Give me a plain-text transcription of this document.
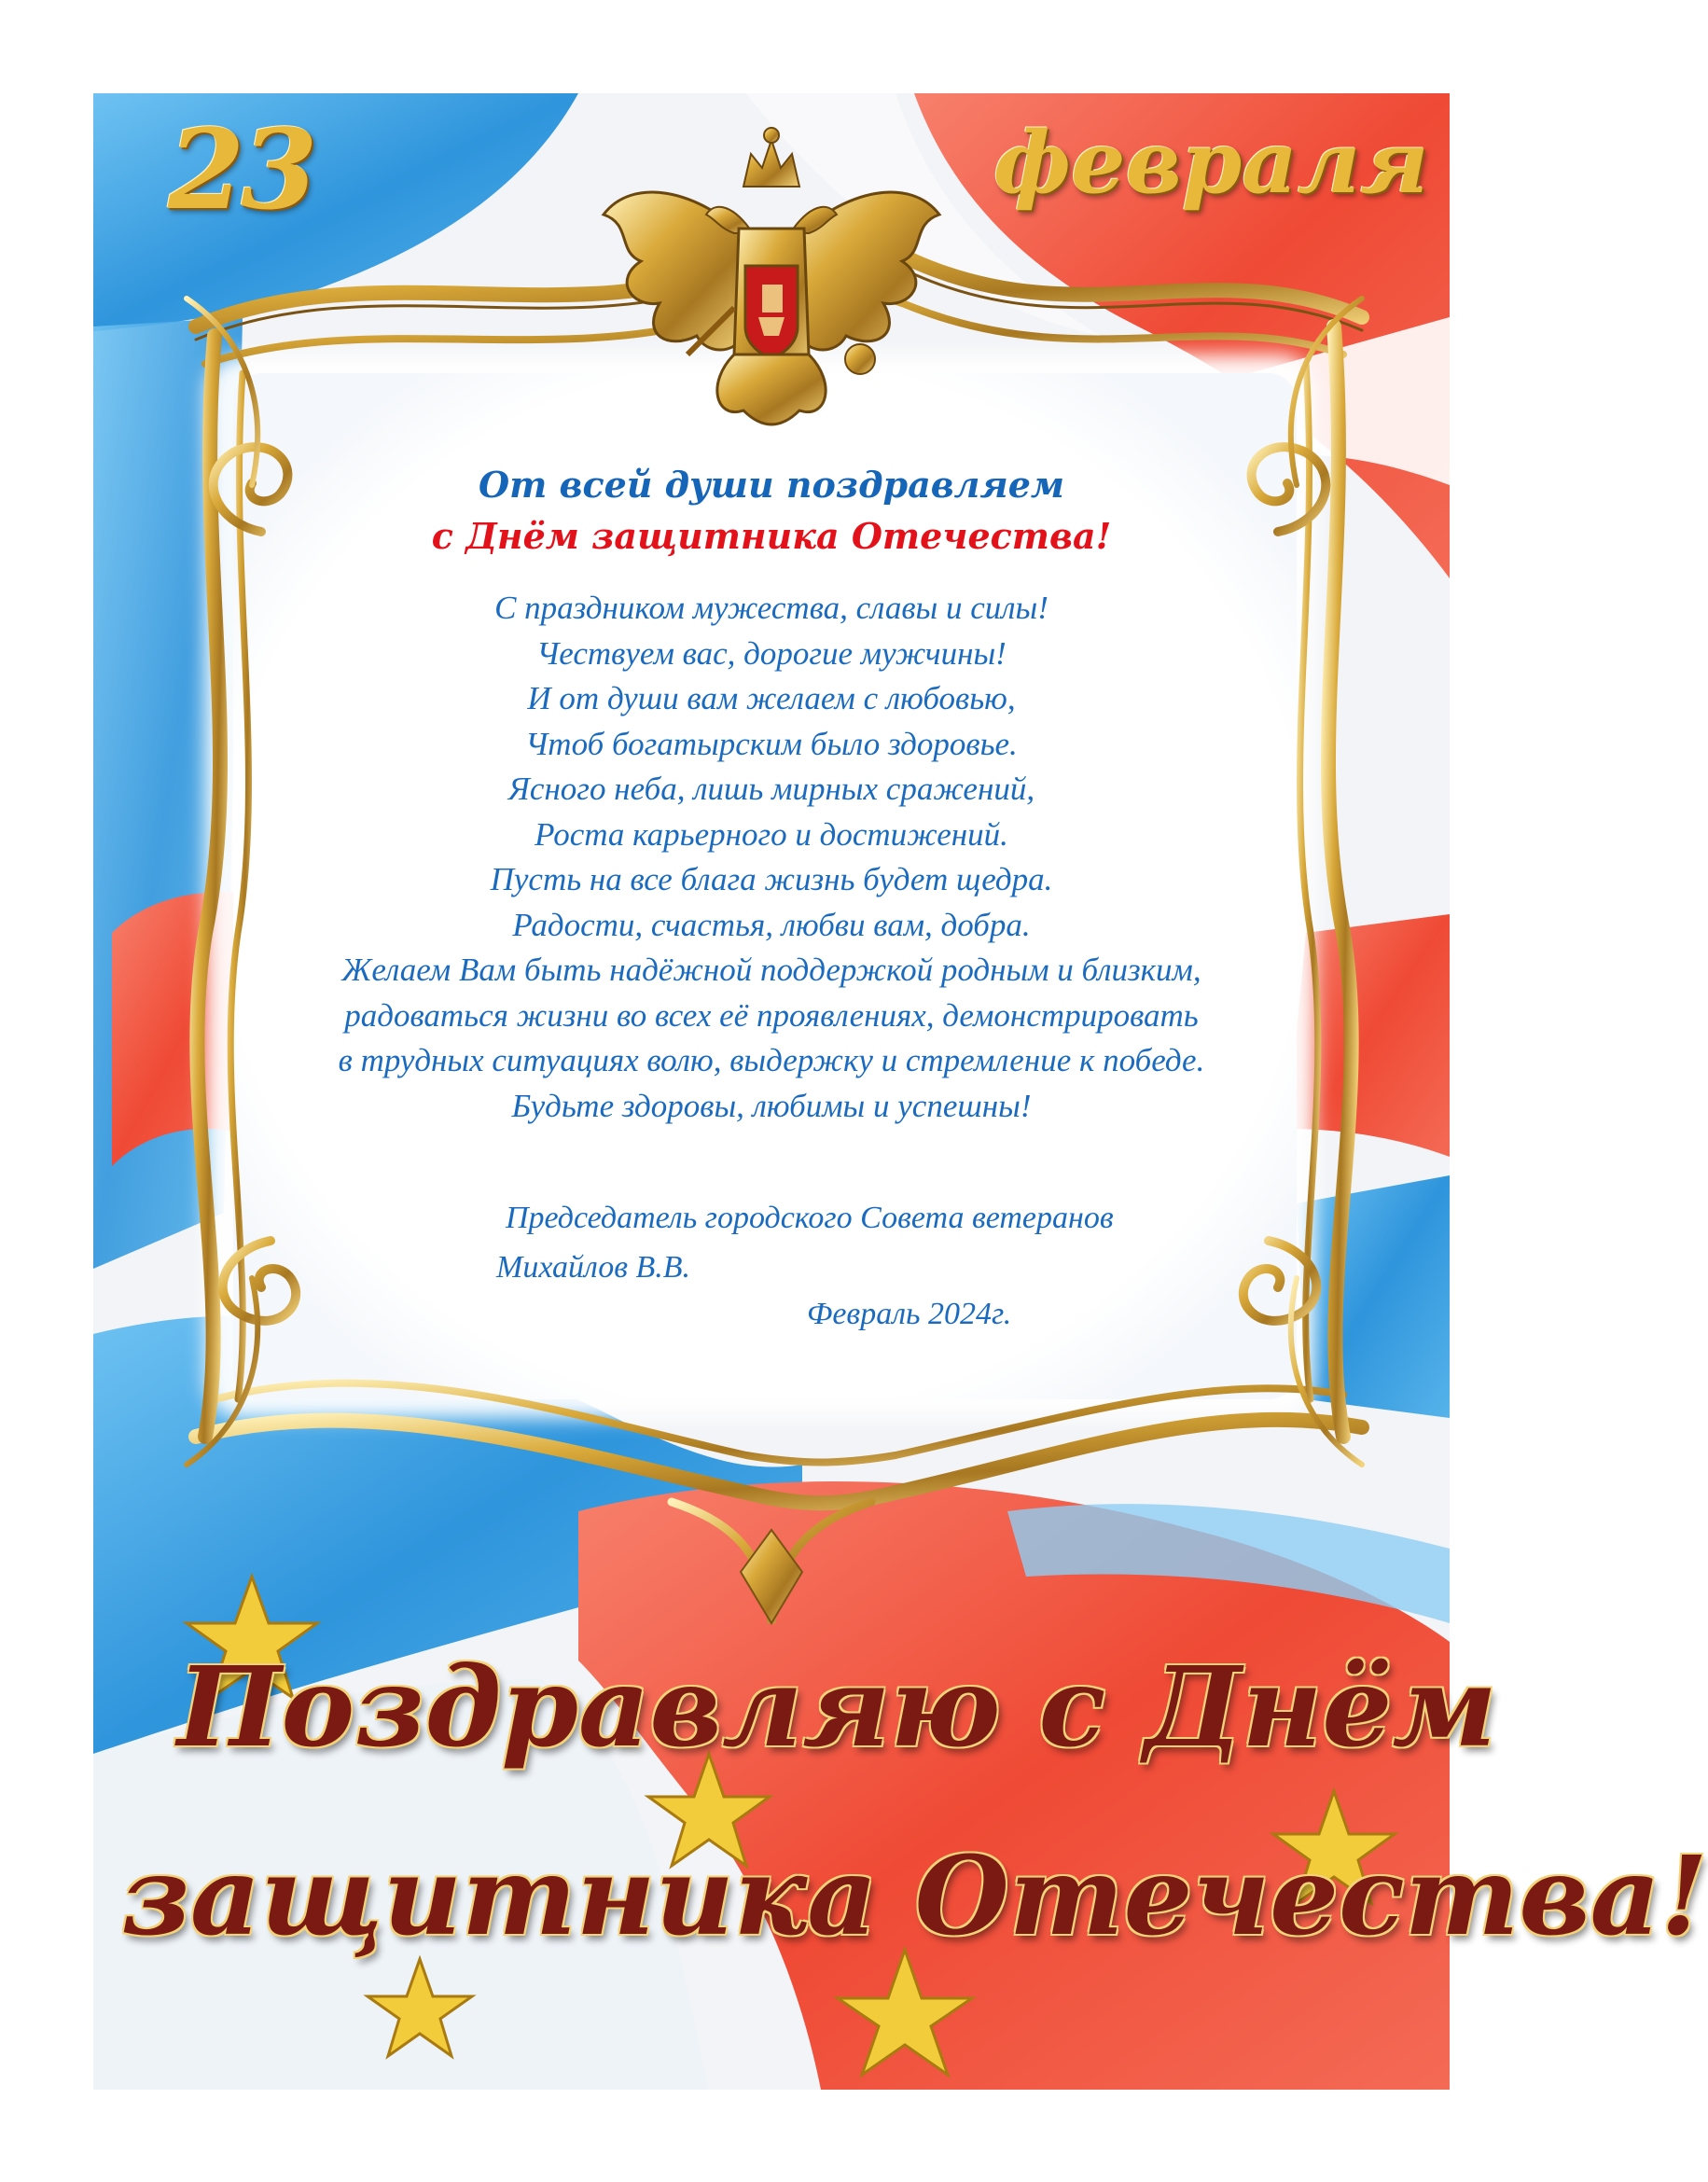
23	февраля

От всей души поздравляем

с Днём защитника Отечества!

С праздником мужества, славы и силы!
Чествуем вас, дорогие мужчины!
И от души вам желаем с любовью,
Чтоб богатырским было здоровье.
Ясного неба, лишь мирных сражений,
Роста карьерного и достижений.
Пусть на все блага жизнь будет щедра.
Радости, счастья, любви вам, добра.
Желаем Вам быть надёжной поддержкой родным и близким,
радоваться жизни во всех её проявлениях, демонстрировать
в трудных ситуациях волю, выдержку и стремление к победе.
Будьте здоровы, любимы и успешны!
Председатель городского Совета ветеранов
Михайлов В.В.
Февраль 2024г.
Поздравляю с Днём
защитника Отечества!
